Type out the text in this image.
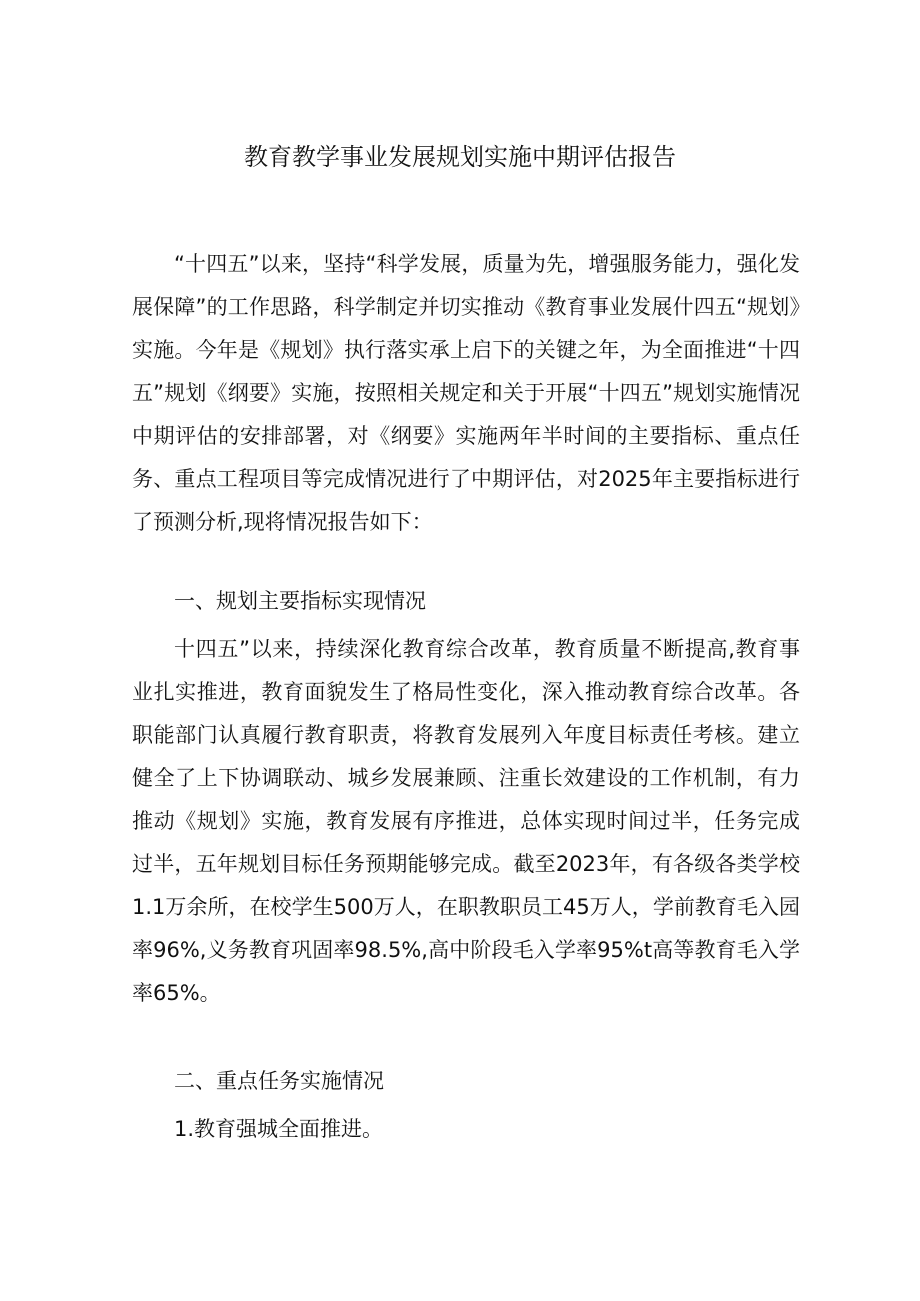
教育教学事业发展规划实施中期评估报告

“十四五”以来，坚持“科学发展，质量为先，增强服务能力，强化发展保障”的工作思路，科学制定并切实推动《教育事业发展什四五“规划》实施。今年是《规划》执行落实承上启下的关键之年，为全面推进“十四五”规划《纲要》实施，按照相关规定和关于开展“十四五”规划实施情况中期评估的安排部署，对《纲要》实施两年半时间的主要指标、重点任务、重点工程项目等完成情况进行了中期评估，对2025年主要指标进行了预测分析,现将情况报告如下：

一、规划主要指标实现情况

十四五”以来，持续深化教育综合改革，教育质量不断提高,教育事业扎实推进，教育面貌发生了格局性变化，深入推动教育综合改革。各职能部门认真履行教育职责，将教育发展列入年度目标责任考核。建立健全了上下协调联动、城乡发展兼顾、注重长效建设的工作机制，有力推动《规划》实施，教育发展有序推进，总体实现时间过半，任务完成过半，五年规划目标任务预期能够完成。截至2023年，有各级各类学校1.1万余所，在校学生500万人，在职教职员工45万人，学前教育毛入园率96%,义务教育巩固率98.5%,高中阶段毛入学率95%t高等教育毛入学率65%。

二、重点任务实施情况

1.教育强城全面推进。
